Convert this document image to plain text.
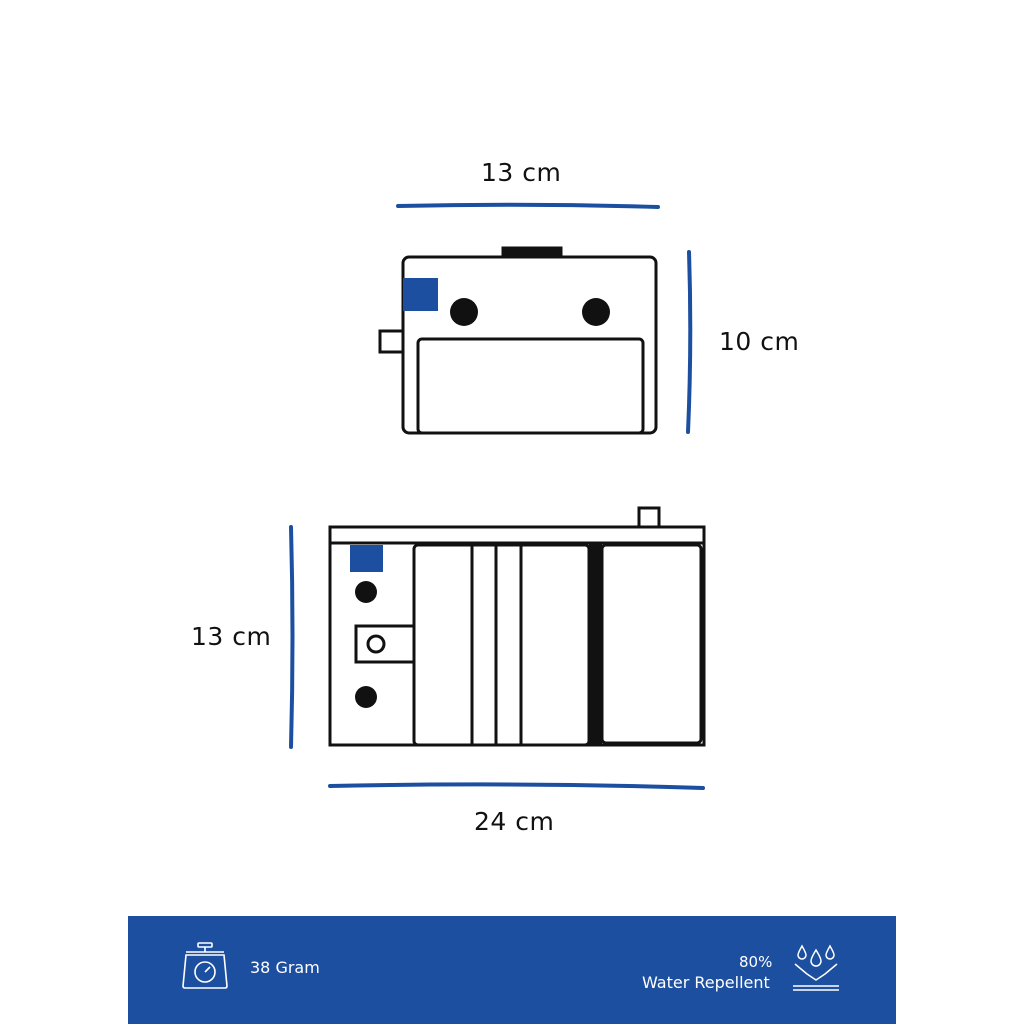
13 cm
10 cm
13 cm
24 cm
38 Gram	80%
Water Repellent
